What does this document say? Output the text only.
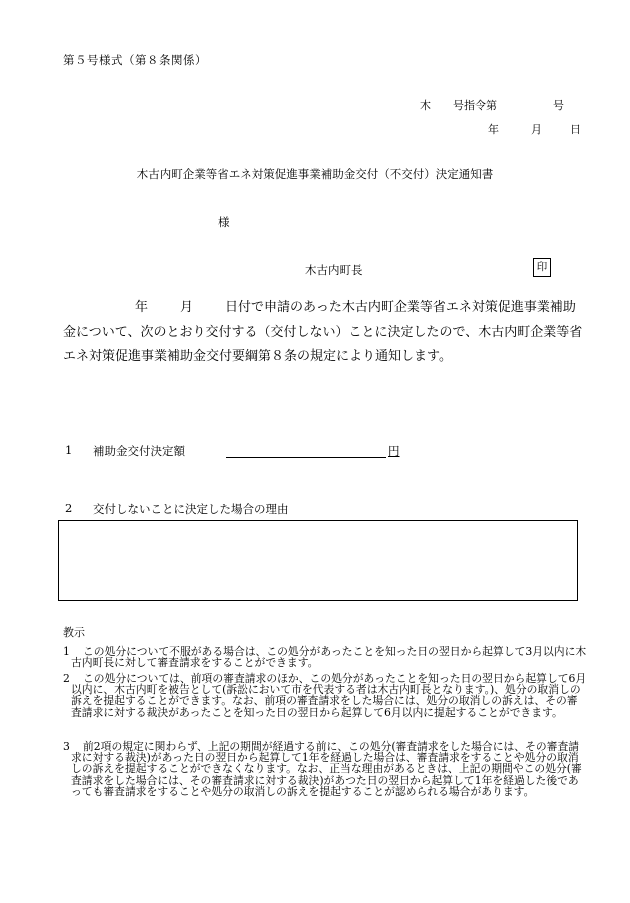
第５号様式（第８条関係）
木 号指令第	号
年	月	日
木古内町企業等省エネ対策促進事業補助金交付（不交付）決定通知書
様
木古内町長	印
年 月 日付で申請のあった木古内町企業等省エネ対策促進事業補助金について、次のとおり交付する（交付しない）ことに決定したので、木古内町企業等省エネ対策促進事業補助金交付要綱第８条の規定により通知します。
1 補助金交付決定額	円
2 交付しないことに決定した場合の理由
教示
1	この処分について不服がある場合は、この処分があったことを知った日の翌日から起算して3月以内に木古内町長に対して審査請求をすることができます。
2	この処分については、前項の審査請求のほか、この処分があったことを知った日の翌日から起算して6月以内に、木古内町を被告として(訴訟において市を代表する者は木古内町長となります。)、処分の取消しの訴えを提起することができます。なお、前項の審査請求をした場合には、処分の取消しの訴えは、その審査請求に対する裁決があったことを知った日の翌日から起算して6月以内に提起することができます。
3	前2項の規定に関わらず、上記の期間が経過する前に、この処分(審査請求をした場合には、その審査請求に対する裁決)があった日の翌日から起算して1年を経過した場合は、審査請求をすることや処分の取消しの訴えを提起することができなくなります。なお、正当な理由があるときは、上記の期間やこの処分(審査請求をした場合には、その審査請求に対する裁決)があつた日の翌日から起算して1年を経過した後であっても審査請求をすることや処分の取消しの訴えを提起することが認められる場合があります。
